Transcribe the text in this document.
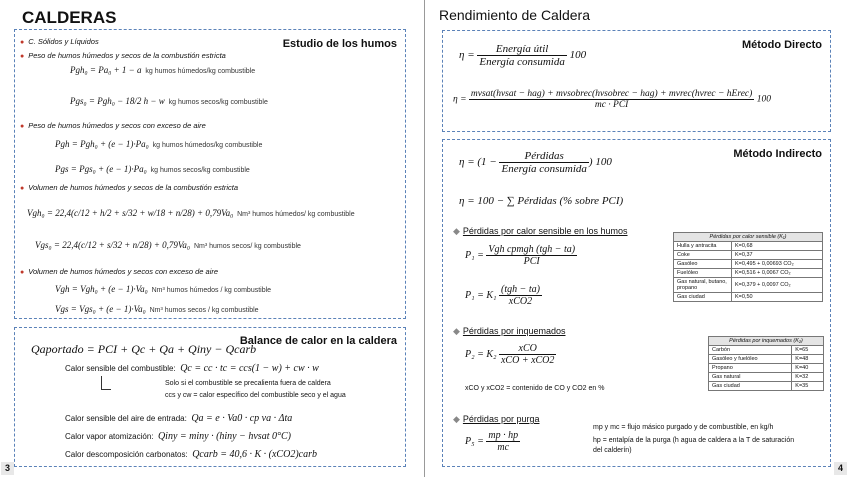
CALDERAS
Estudio de los humos
● C. Sólidos y Líquidos
● Peso de humos húmedos y secos de la combustión estricta
Pgh₀ = Pa₀ + 1 − a kg humos húmedos/kg combustible
Pgs₀ = Pgh₀ − 18/2 h − w kg humos secos/kg combustible
● Peso de humos húmedos y secos con exceso de aire
Pgh = Pgh₀ + (e − 1)·Pa₀ kg humos húmedos/kg combustible
Pgs = Pgs₀ + (e − 1)·Pa₀ kg humos secos/kg combustible
● Volumen de humos húmedos y secos de la combustión estricta
Vgh₀ = 22,4(c/12 + h/2 + s/32 + w/18 + n/28) + 0,79Va₀ Nm³ humos húmedos/ kg combustible
Vgs₀ = 22,4(c/12 + s/32 + n/28) + 0,79Va₀ Nm³ humos secos/ kg combustible
● Volumen de humos húmedos y secos con exceso de aire
Vgh = Vgh₀ + (e − 1)·Va₀ Nm³ humos húmedos / kg combustible
Vgs = Vgs₀ + (e − 1)·Va₀ Nm³ humos secos / kg combustible
Balance de calor en la caldera
Qaportado = PCI + Qc + Qa + Qiny − Qcarb
Calor sensible del combustible: Qc = cc · tc = ccs(1 − w) + cw · w
Solo si el combustible se precalienta fuera de caldera
ccs y cw = calor específico del combustible seco y el agua
Calor sensible del aire de entrada: Qa = e · Va0 · cp va · Δta
Calor vapor atomización: Qiny = miny · (hiny − hvsat 0°C)
Calor descomposición carbonatos: Qcarb = 40,6 · K · (xCO2)carb
3
Rendimiento de Caldera
Método Directo
$\eta = \frac{\text{Energía útil}}{\text{Energía consumida}} 100$
η =
mvsat(hvsat − hag) + mvsobrec(hvsobrec − hag) + mvrec(hvrec − hErec)
mc · PCI
100
Método Indirecto
$\eta = (1 - \frac{\text{Pérdidas}}{\text{Energía consumida}}$ ) 100
η = 100 − ∑ Pérdidas (% sobre PCI)
◆ Pérdidas por calor sensible en los humos
$P_1 = \frac{\text{Vgh cpmgh (tgh − ta)}}{\text{PCI}}$
$P_1 = K_1 \frac{\text{(tgh − ta)}}{\text{xCO2}}$
◆ Pérdidas por inquemados
$P_2 = K_2 \frac{\text{xCO}}{\text{xCO + xCO2}}$
xCO y xCO2 = contenido de CO y CO2 en %
◆ Pérdidas por purga
$P_5 = \frac{mp \cdot hp}{mc}$
mp y mc = flujo másico purgado y de combustible, en kg/h
hp = entalpía de la purga (h agua de caldera a la T de saturación
del calderín)
Pérdidas por calor sensible (K₁)	
Hulla y antracita	K=0,68
Coke	K=0,37
Gasóleo	K=0,495 + 0,00693 CO₂
Fuelóleo	K=0,516 + 0,0067 CO₂
Gas natural, butano, propano	K=0,379 + 0,0097 CO₂
Gas ciudad	K=0,50
Pérdidas por inquemados (K₂)	
Carbón	K=65
Gasóleo y fuelóleo	K=48
Propano	K=40
Gas natural	K=32
Gas ciudad	K=35
4
